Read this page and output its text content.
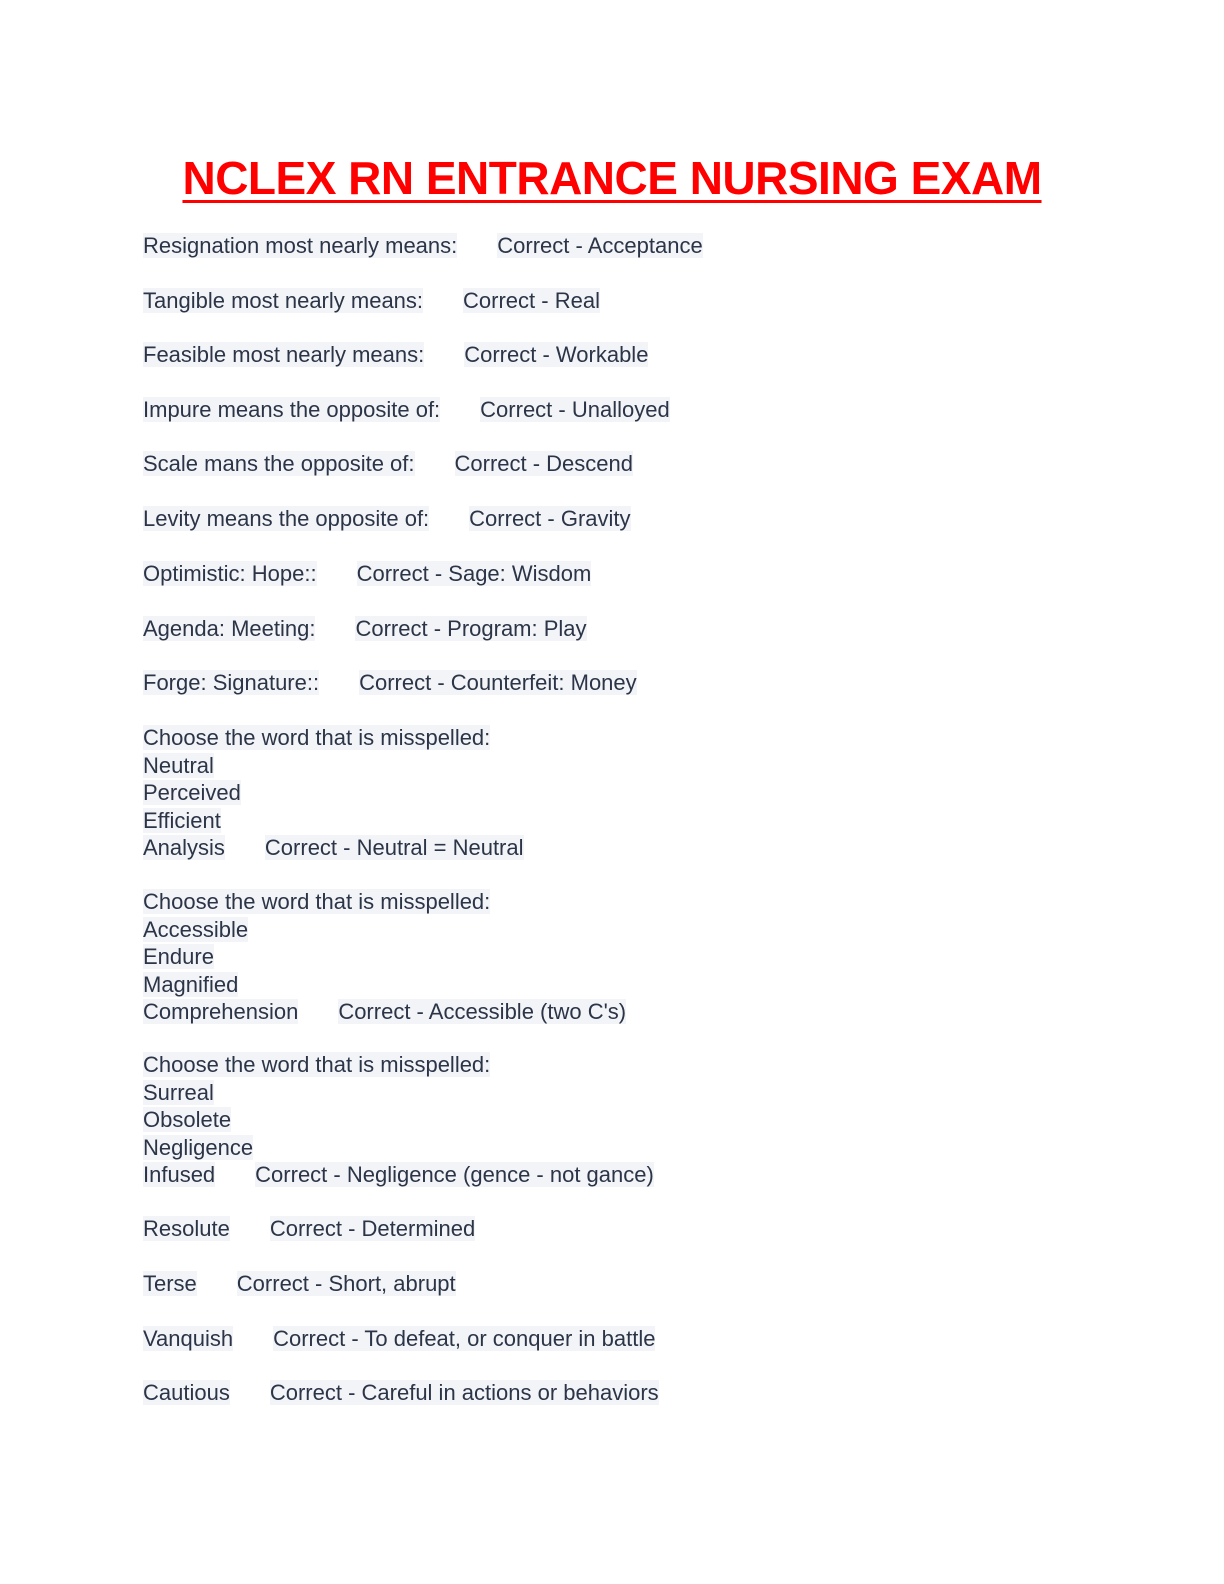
NCLEX RN ENTRANCE NURSING EXAM
Resignation most nearly means: Correct - Acceptance
Tangible most nearly means: Correct - Real
Feasible most nearly means: Correct - Workable
Impure means the opposite of: Correct - Unalloyed
Scale mans the opposite of: Correct - Descend
Levity means the opposite of: Correct - Gravity
Optimistic: Hope:: Correct - Sage: Wisdom
Agenda: Meeting: Correct - Program: Play
Forge: Signature:: Correct - Counterfeit: Money
Choose the word that is misspelled:
Neutral
Perceived
Efficient
Analysis Correct - Neutral = Neutral
Choose the word that is misspelled:
Accessible
Endure
Magnified
Comprehension Correct - Accessible (two C's)
Choose the word that is misspelled:
Surreal
Obsolete
Negligence
Infused Correct - Negligence (gence - not gance)
Resolute Correct - Determined
Terse Correct - Short, abrupt
Vanquish Correct - To defeat, or conquer in battle
Cautious Correct - Careful in actions or behaviors
